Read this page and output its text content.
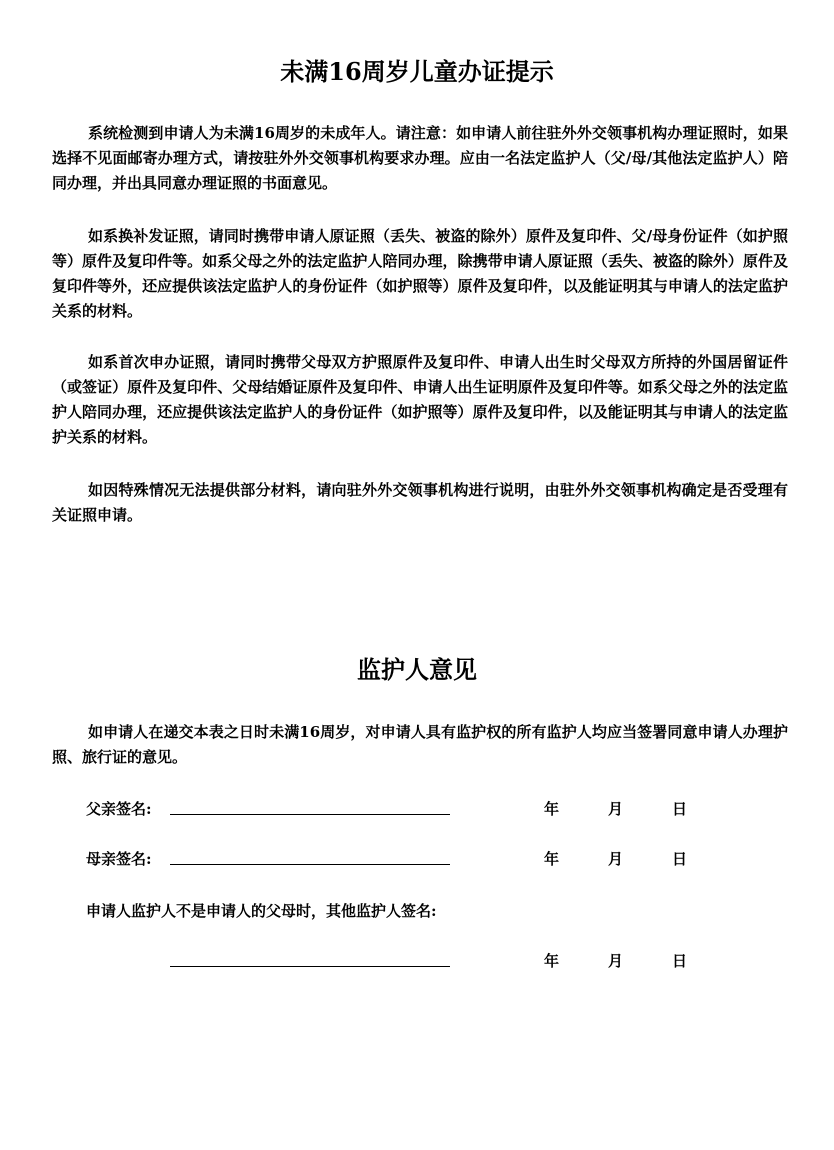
未满16周岁儿童办证提示

系统检测到申请人为未满16周岁的未成年人。请注意：如申请人前往驻外外交领事机构办理证照时，如果选择不见面邮寄办理方式，请按驻外外交领事机构要求办理。应由一名法定监护人（父/母/其他法定监护人）陪同办理，并出具同意办理证照的书面意见。

如系换补发证照，请同时携带申请人原证照（丢失、被盗的除外）原件及复印件、父/母身份证件（如护照等）原件及复印件等。如系父母之外的法定监护人陪同办理，除携带申请人原证照（丢失、被盗的除外）原件及复印件等外，还应提供该法定监护人的身份证件（如护照等）原件及复印件，以及能证明其与申请人的法定监护关系的材料。

如系首次申办证照，请同时携带父母双方护照原件及复印件、申请人出生时父母双方所持的外国居留证件（或签证）原件及复印件、父母结婚证原件及复印件、申请人出生证明原件及复印件等。如系父母之外的法定监护人陪同办理，还应提供该法定监护人的身份证件（如护照等）原件及复印件，以及能证明其与申请人的法定监护关系的材料。

如因特殊情况无法提供部分材料，请向驻外外交领事机构进行说明，由驻外外交领事机构确定是否受理有关证照申请。

监护人意见

如申请人在递交本表之日时未满16周岁，对申请人具有监护权的所有监护人均应当签署同意申请人办理护照、旅行证的意见。

父亲签名:	年	月	日
母亲签名:	年	月	日
申请人监护人不是申请人的父母时，其他监护人签名:
年	月	日
